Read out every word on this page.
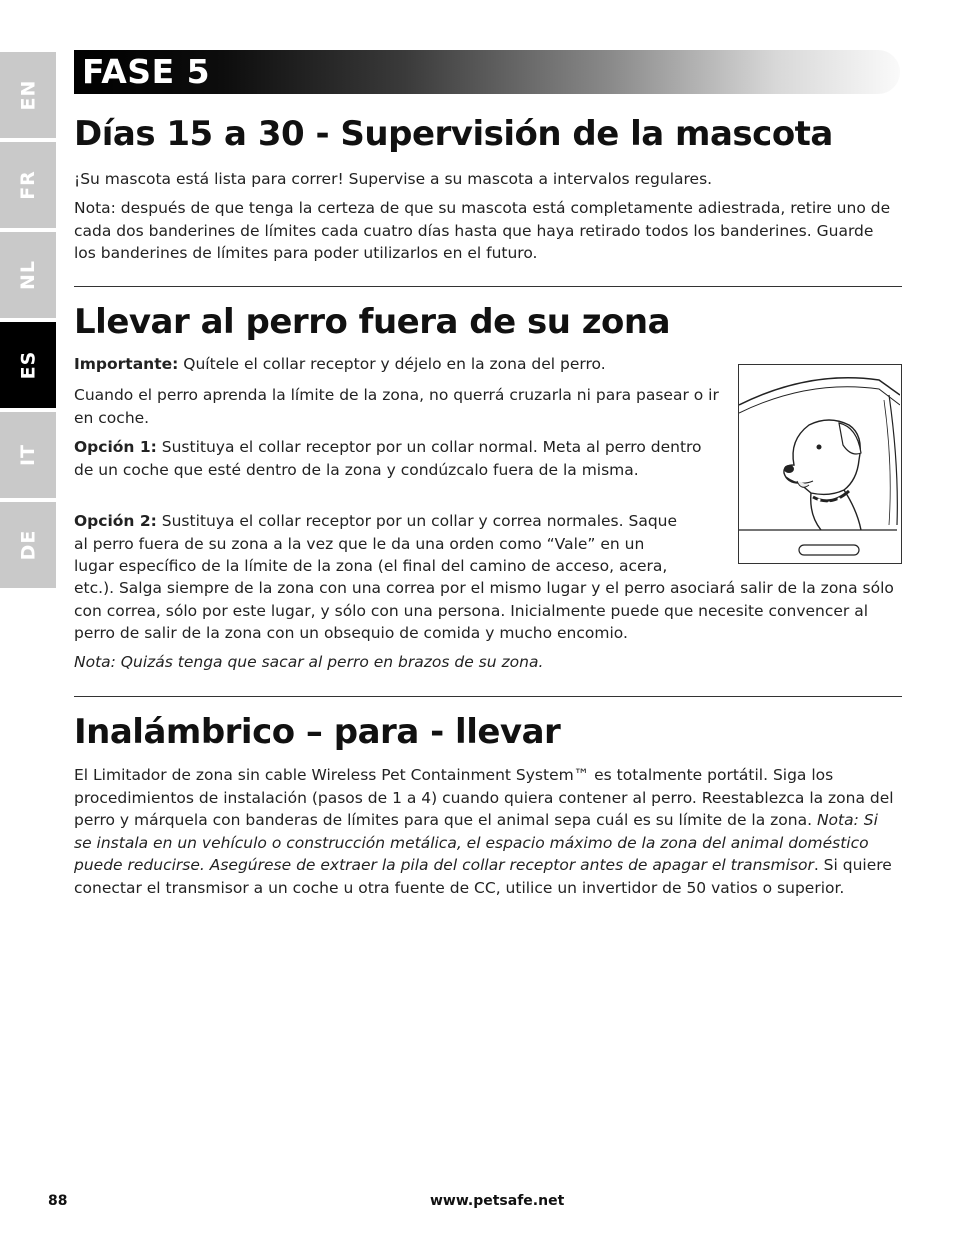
EN
FR
NL
ES
IT
DE
FASE 5
Días 15 a 30 - Supervisión de la mascota

¡Su mascota está lista para correr! Supervise a su mascota a intervalos regulares.

Nota: después de que tenga la certeza de que su mascota está completamente adiestrada, retire uno de cada dos banderines de límites cada cuatro días hasta que haya retirado todos los banderines. Guarde los banderines de límites para poder utilizarlos en el futuro.

Llevar al perro fuera de su zona

Importante: Quítele el collar receptor y déjelo en la zona del perro.

Cuando el perro aprenda la límite de la zona, no querrá cruzarla ni para pasear o ir en coche.

Opción 1: Sustituya el collar receptor por un collar normal. Meta al perro dentro de un coche que esté dentro de la zona y condúzcalo fuera de la misma.

Opción 2: Sustituya el collar receptor por un collar y correa normales. Saque
al perro fuera de su zona a la vez que le da una orden como “Vale” en un
lugar específico de la límite de la zona (el final del camino de acceso, acera,

etc.). Salga siempre de la zona con una correa por el mismo lugar y el perro asociará salir de la zona sólo con correa, sólo por este lugar, y sólo con una persona. Inicialmente puede que necesite convencer al perro de salir de la zona con un obsequio de comida y mucho encomio.

Nota: Quizás tenga que sacar al perro en brazos de su zona.

Inalámbrico – para - llevar

El Limitador de zona sin cable Wireless Pet Containment System™ es totalmente portátil. Siga los procedimientos de instalación (pasos de 1 a 4) cuando quiera contener al perro. Reestablezca la zona del perro y márquela con banderas de límites para que el animal sepa cuál es su límite de la zona. Nota: Si se instala en un vehículo o construcción metálica, el espacio máximo de la zona del animal doméstico puede reducirse. Asegúrese de extraer la pila del collar receptor antes de apagar el transmisor. Si quiere conectar el transmisor a un coche u otra fuente de CC, utilice un invertidor de 50 vatios o superior.

88	www.petsafe.net
